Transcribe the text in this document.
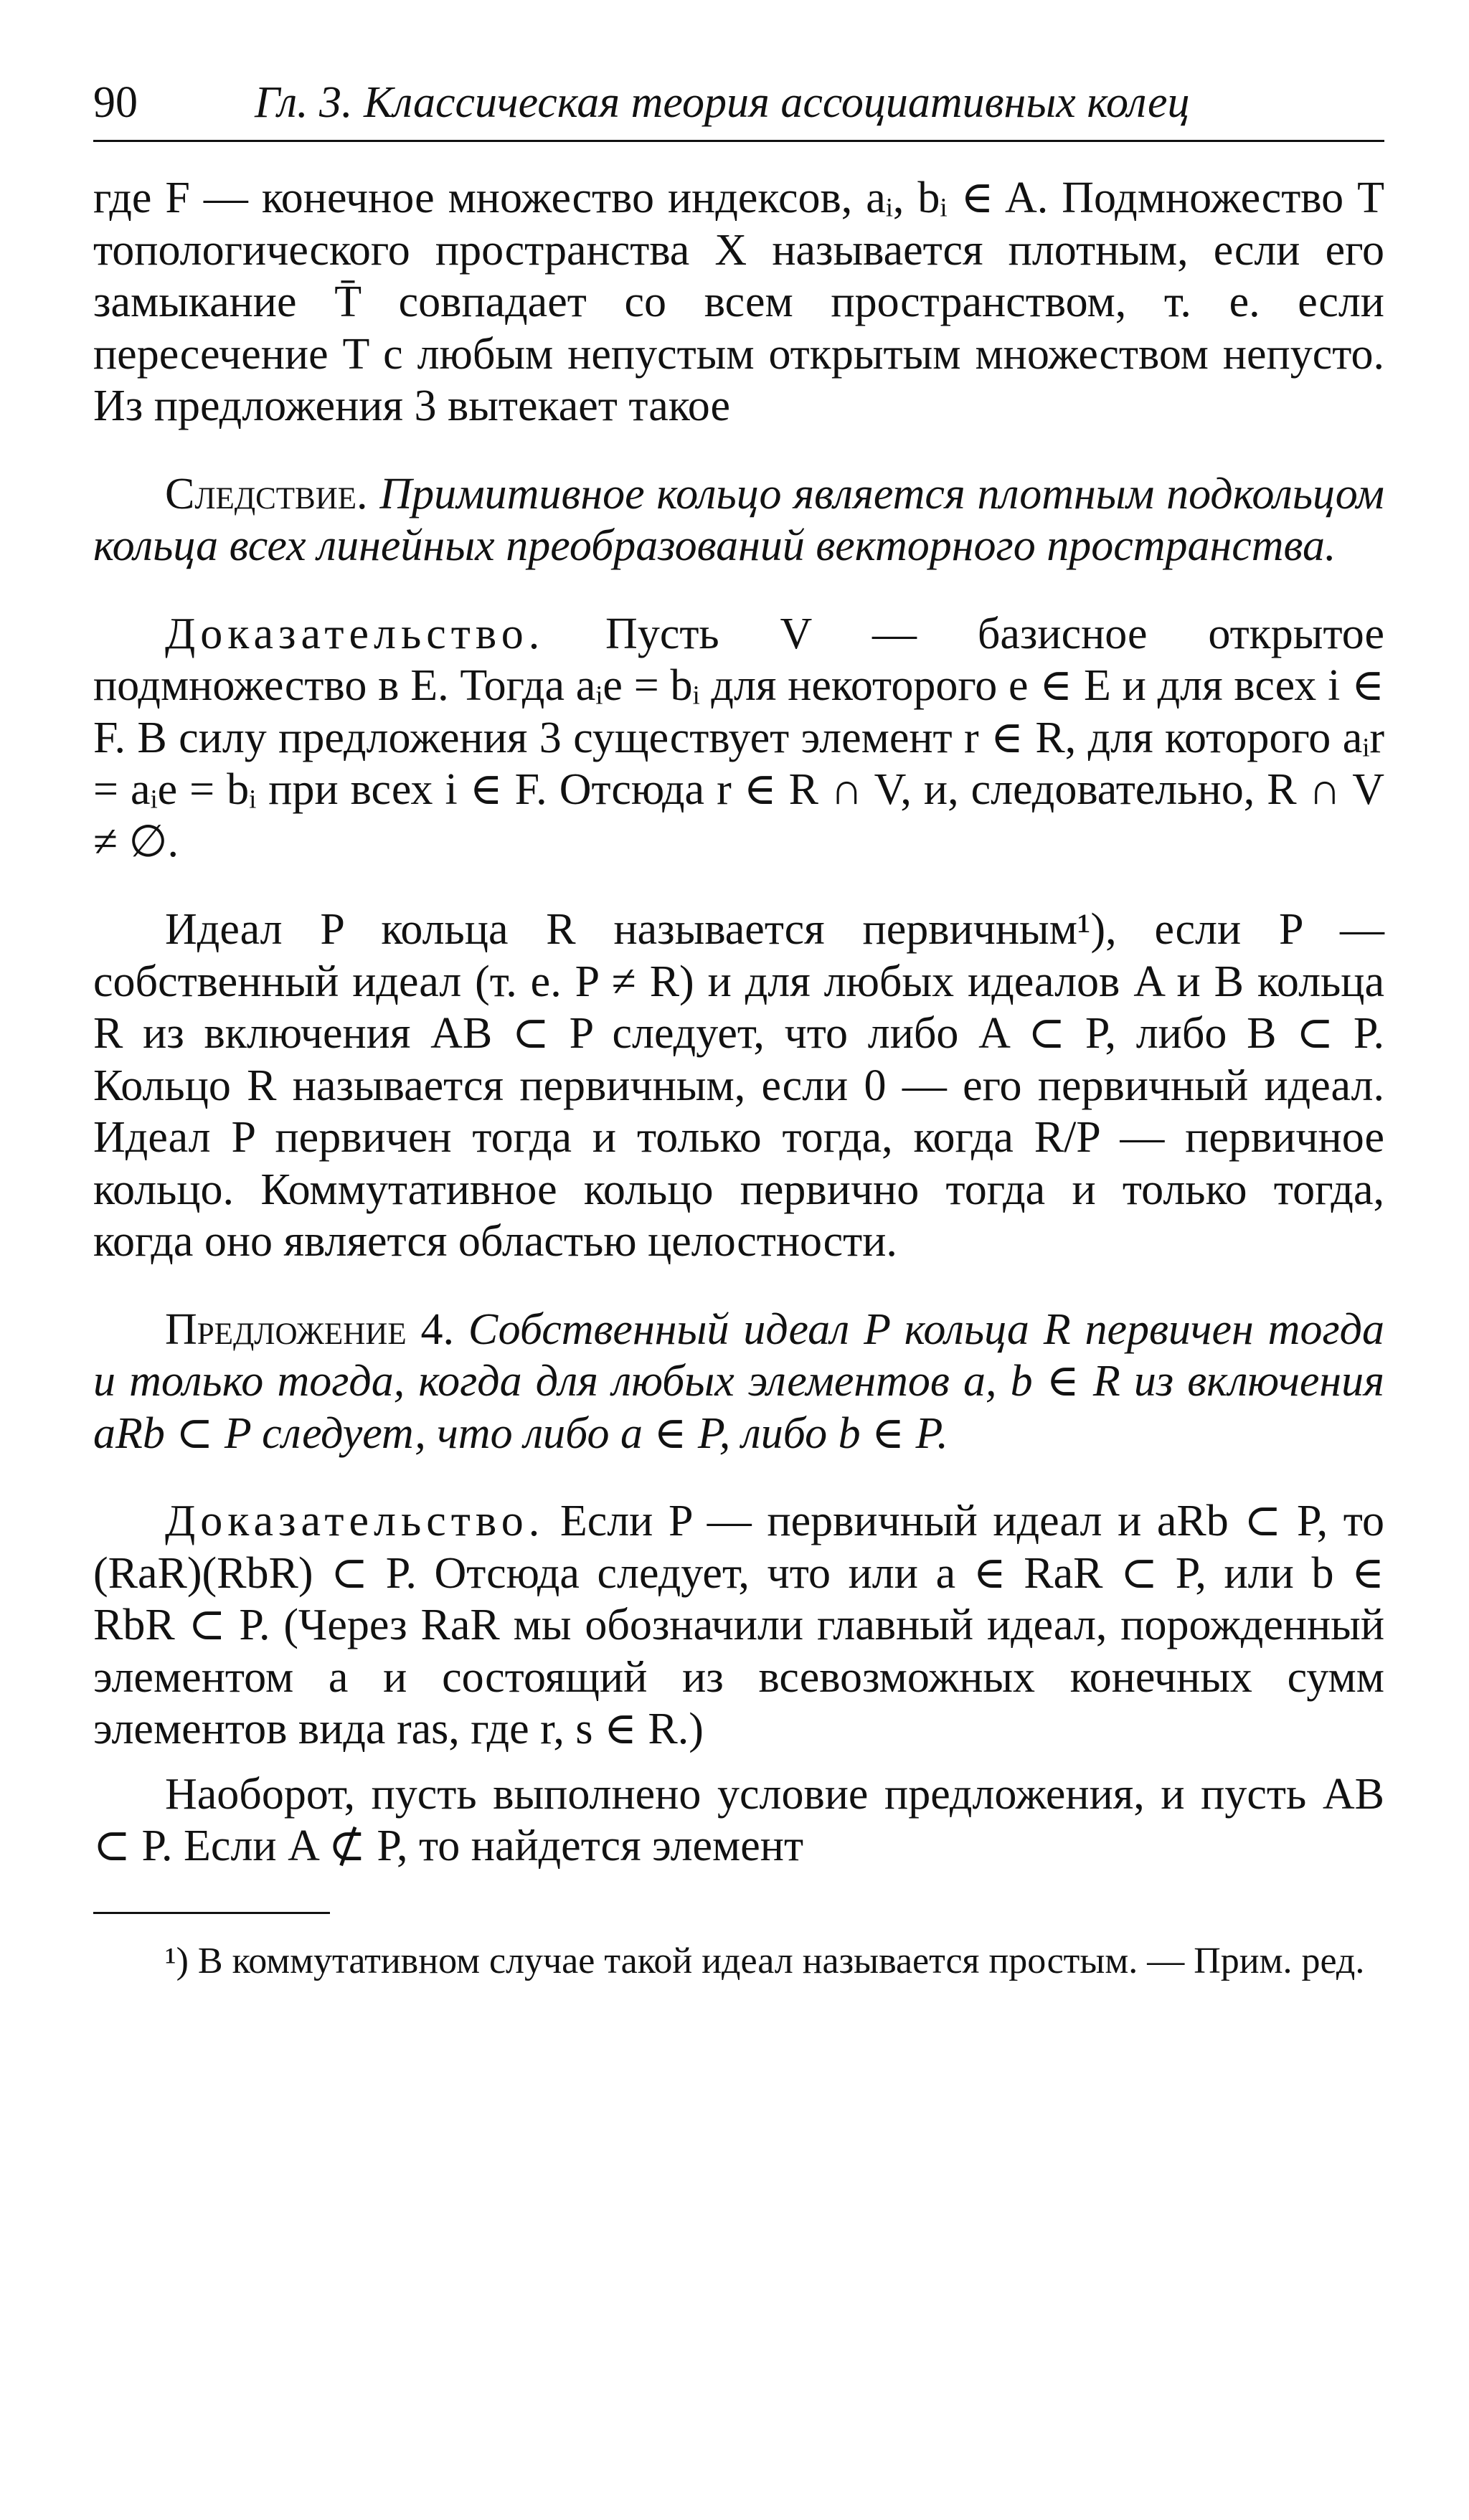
90	Гл. 3. Классическая теория ассоциативных колец

где F — конечное множество индексов, aᵢ, bᵢ ∈ A. Подмножество T топологического пространства X называется плотным, если его замыкание T̄ совпадает со всем пространством, т. е. если пересечение T с любым непустым открытым множеством непусто. Из предложения 3 вытекает такое

Следствие. Примитивное кольцо является плотным подкольцом кольца всех линейных преобразований векторного пространства.

Доказательство. Пусть V — базисное открытое подмножество в E. Тогда aᵢe = bᵢ для некоторого e ∈ E и для всех i ∈ F. В силу предложения 3 существует элемент r ∈ R, для которого aᵢr = aᵢe = bᵢ при всех i ∈ F. Отсюда r ∈ R ∩ V, и, следовательно, R ∩ V ≠ ∅.

Идеал P кольца R называется первичным¹), если P — собственный идеал (т. е. P ≠ R) и для любых идеалов A и B кольца R из включения AB ⊂ P следует, что либо A ⊂ P, либо B ⊂ P. Кольцо R называется первичным, если 0 — его первичный идеал. Идеал P первичен тогда и только тогда, когда R/P — первичное кольцо. Коммутативное кольцо первично тогда и только тогда, когда оно является областью целостности.

Предложение 4. Собственный идеал P кольца R первичен тогда и только тогда, когда для любых элементов a, b ∈ R из включения aRb ⊂ P следует, что либо a ∈ P, либо b ∈ P.

Доказательство. Если P — первичный идеал и aRb ⊂ P, то (RaR)(RbR) ⊂ P. Отсюда следует, что или a ∈ RaR ⊂ P, или b ∈ RbR ⊂ P. (Через RaR мы обозначили главный идеал, порожденный элементом a и состоящий из всевозможных конечных сумм элементов вида ras, где r, s ∈ R.)

Наоборот, пусть выполнено условие предложения, и пусть AB ⊂ P. Если A ⊄ P, то найдется элемент

¹) В коммутативном случае такой идеал называется простым. — Прим. ред.
